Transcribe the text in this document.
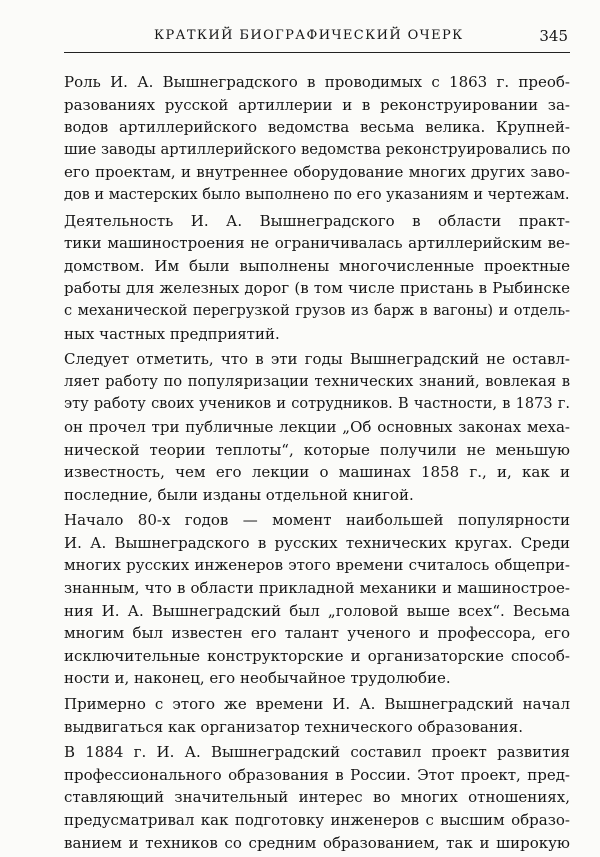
КРАТКИЙ БИОГРАФИЧЕСКИЙ ОЧЕРК	345
Роль И. А. Вышнеградского в проводимых с 1863 г. преоб-
разованиях русской артиллерии и в реконструировании за-
водов артиллерийского ведомства весьма велика. Крупней-
шие заводы артиллерийского ведомства реконструировались по
его проектам, и внутреннее оборудование многих других заво-
дов и мастерских было выполнено по его указаниям и чертежам.
Деятельность И. А. Вышнеградского в области практ-
тики машиностроения не ограничивалась артиллерийским ве-
домством. Им были выполнены многочисленные проектные
работы для железных дорог (в том числе пристань в Рыбинске
с механической перегрузкой грузов из барж в вагоны) и отдель-
ных частных предприятий.
Следует отметить, что в эти годы Вышнеградский не оставл-
ляет работу по популяризации технических знаний, вовлекая в
эту работу своих учеников и сотрудников. В частности, в 1873 г.
он прочел три публичные лекции „Об основных законах меха-
нической теории теплоты“, которые получили не меньшую
известность, чем его лекции о машинах 1858 г., и, как и
последние, были изданы отдельной книгой.
Начало 80-х годов — момент наибольшей популярности
И. А. Вышнеградского в русских технических кругах. Среди
многих русских инженеров этого времени считалось общепри-
знанным, что в области прикладной механики и машинострое-
ния И. А. Вышнеградский был „головой выше всех“. Весьма
многим был известен его талант ученого и профессора, его
исключительные конструкторские и организаторские способ-
ности и, наконец, его необычайное трудолюбие.
Примерно с этого же времени И. А. Вышнеградский начал
выдвигаться как организатор технического образования.
В 1884 г. И. А. Вышнеградский составил проект развития
профессионального образования в России. Этот проект, пред-
ставляющий значительный интерес во многих отношениях,
предусматривал как подготовку инженеров с высшим образо-
ванием и техников со средним образованием, так и широкую
